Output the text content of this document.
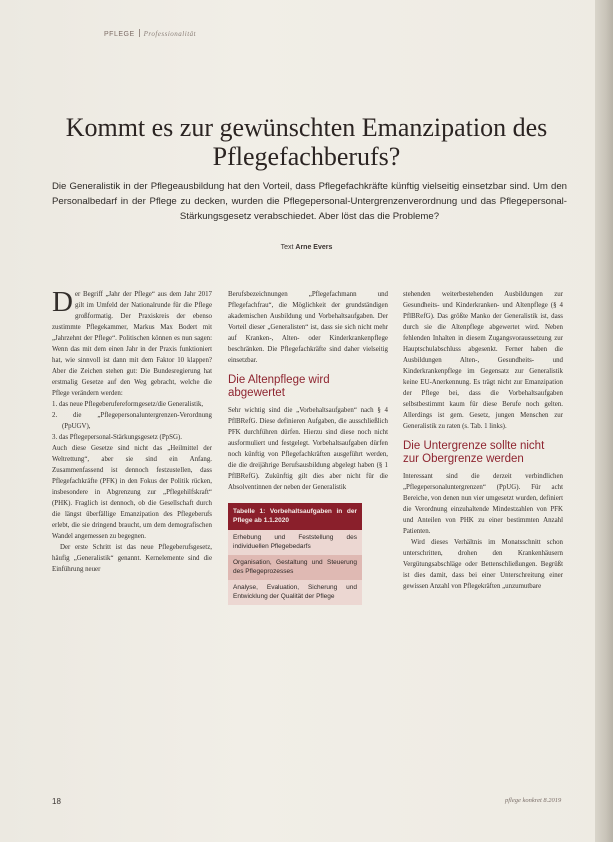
PFLEGE Professionalität
Kommt es zur gewünschten Emanzipation des Pflegefachberufs?

Die Generalistik in der Pflegeausbildung hat den Vorteil, dass Pflegefachkräfte künftig vielseitig einsetzbar sind. Um den Personalbedarf in der Pflege zu decken, wurden die Pflegepersonal-Untergrenzenverordnung und das Pflegepersonal-Stärkungsgesetz verabschiedet. Aber löst das die Probleme?

Text Arne Evers

Der Begriff „Jahr der Pflege“ aus dem Jahr 2017 gilt im Umfeld der Nationalrunde für die Pflege großformatig. Der Praxiskreis der ebenso zustimmte Pflegekammer, Markus Max Bodert mit „Jahrzehnt der Pflege“. Politischen können es nun sagen: Wenn das mit dem einen Jahr in der Praxis funktioniert hat, wie sinnvoll ist dann mit dem Faktor 10 klappen? Aber die Zeichen stehen gut: Die Bundesregierung hat erstmalig Gesetze auf den Weg gebracht, welche die Pflege verändern werden:

1. das neue Pflegeberufereformgesetz/die Generalistik,

2. die „Pflegepersonaluntergrenzen-Verordnung (PpUGV),

3. das Pflegepersonal-Stärkungsgesetz (PpSG).

Auch diese Gesetze sind nicht das „Heilmittel der Weltrettung“, aber sie sind ein Anfang. Zusammenfassend ist dennoch festzustellen, dass Pflegefachkräfte (PFK) in den Fokus der Politik rücken, insbesondere in Abgrenzung zur „Pflegehilfskraft“ (PHK). Fraglich ist dennoch, ob die Gesellschaft durch die längst überfällige Emanzipation des Pflegeberufs erlebt, die sie dringend braucht, um dem demografischen Wandel angemessen zu begegnen.

Der erste Schritt ist das neue Pflegeberufsgesetz, häufig „Generalistik“ genannt. Kernelemente sind die Einführung neuer

Berufsbezeichnungen „Pflegefachmann und Pflegefachfrau“, die Möglichkeit der grundständigen akademischen Ausbildung und Vorbehaltsaufgaben. Der Vorteil dieser „Generalisten“ ist, dass sie sich nicht mehr auf Kranken-, Alten- oder Kinderkrankenpflege beschränken. Die Pflegefachkräfte sind daher vielseitig einsetzbar.

Die Altenpflege wird abgewertet

Sehr wichtig sind die „Vorbehaltsaufgaben“ nach § 4 PflBRefG. Diese definieren Aufgaben, die ausschließlich PFK durchführen dürfen. Hierzu sind diese noch nicht ausformuliert und festgelegt. Vorbehaltsaufgaben dürfen noch künftig von Pflegefachkräften ausgeführt werden, die die dreijährige Berufsausbildung abgelegt haben (§ 1 PflBRefG). Zukünftig gilt dies aber nicht für die Absolventinnen der neben der Generalistik

Tabelle 1: Vorbehaltsaufgaben in der Pflege ab 1.1.2020
Erhebung und Feststellung des individuellen Pflegebedarfs
Organisation, Gestaltung und Steuerung des Pflegeprozesses
Analyse, Evaluation, Sicherung und Entwicklung der Qualität der Pflege

stehenden weiterbestehenden Ausbildungen zur Gesundheits- und Kinderkranken- und Altenpflege (§ 4 PflBRefG). Das größte Manko der Generalistik ist, dass durch sie die Altenpflege abgewertet wird. Neben fehlenden Inhalten in diesem Zugangsvoraussetzung zur Hauptschulabschluss abgesenkt. Ferner haben die Ausbildungen Alten-, Gesundheits- und Kinderkrankenpflege im Gegensatz zur Generalistik keine EU-Anerkennung. Es trägt nicht zur Emanzipation der Pflege bei, dass die Vorbehaltsaufgaben selbstbestimmt kaum für diese Berufe noch gelten. Allerdings ist gem. Gesetz, jungen Menschen zur Generalistik zu raten (s. Tab. 1 links).

Die Untergrenze sollte nicht zur Obergrenze werden

Interessant sind die derzeit verbindlichen „Pflegepersonaluntergrenzen“ (PpUG). Für acht Bereiche, von denen nun vier umgesetzt wurden, definiert die Verordnung einzuhaltende Mindestzahlen von PFK und Anteilen von PHK zu einer bestimmten Anzahl Patienten.

Wird dieses Verhältnis im Monatsschnitt schon unterschritten, drohen den Krankenhäusern Vergütungsabschläge oder Bettenschließungen. Begrüßt ist dies damit, dass bei einer Unterschreitung einer gewissen Anzahl von Pflegekräften „unzumutbare

18	pflege konkret 8.2019
